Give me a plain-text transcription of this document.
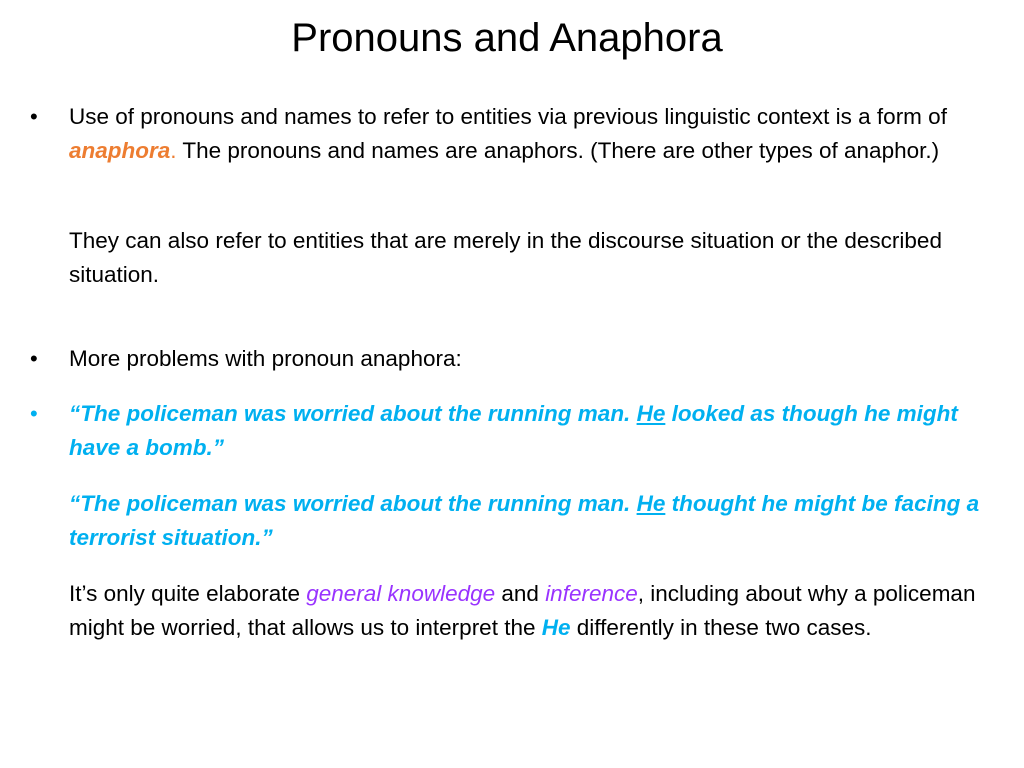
Pronouns and Anaphora
• Use of pronouns and names to refer to entities via previous linguistic context is a form of anaphora. The pronouns and names are anaphors. (There are other types of anaphor.)
They can also refer to entities that are merely in the discourse situation or the described situation.
• More problems with pronoun anaphora:
• “The policeman was worried about the running man. He looked as though he might have a bomb.”
“The policeman was worried about the running man. He thought he might be facing a terrorist situation.”
It’s only quite elaborate general knowledge and inference, including about why a policeman might be worried, that allows us to interpret the He differently in these two cases.
